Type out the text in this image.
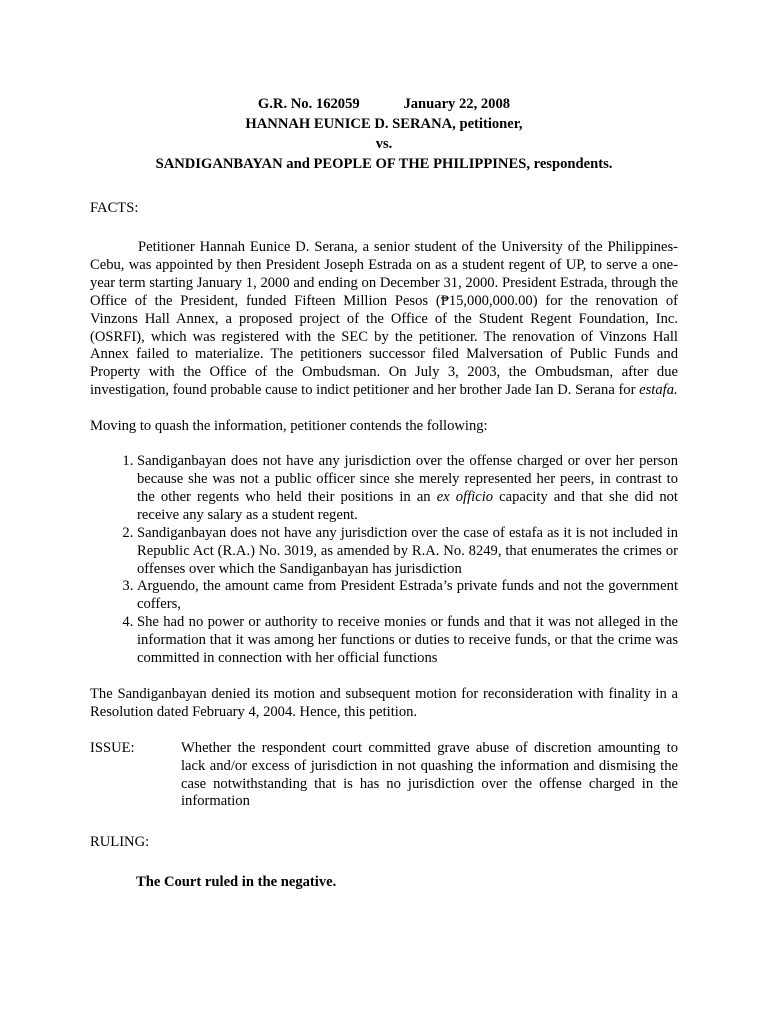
G.R. No. 162059            January 22, 2008
HANNAH EUNICE D. SERANA, petitioner,
vs.
SANDIGANBAYAN and PEOPLE OF THE PHILIPPINES, respondents.
FACTS:

Petitioner Hannah Eunice D. Serana, a senior student of the University of the Philippines-Cebu, was appointed by then President Joseph Estrada on as a student regent of UP, to serve a one-year term starting January 1, 2000 and ending on December 31, 2000. President Estrada, through the Office of the President, funded Fifteen Million Pesos (₱15,000,000.00) for the renovation of Vinzons Hall Annex, a proposed project of the Office of the Student Regent Foundation, Inc. (OSRFI), which was registered with the SEC by the petitioner. The renovation of Vinzons Hall Annex failed to materialize. The petitioners successor filed Malversation of Public Funds and Property with the Office of the Ombudsman. On July 3, 2003, the Ombudsman, after due investigation, found probable cause to indict petitioner and her brother Jade Ian D. Serana for estafa.

Moving to quash the information, petitioner contends the following:

1. Sandiganbayan does not have any jurisdiction over the offense charged or over her person because she was not a public officer since she merely represented her peers, in contrast to the other regents who held their positions in an ex officio capacity and that she did not receive any salary as a student regent.
2. Sandiganbayan does not have any jurisdiction over the case of estafa as it is not included in Republic Act (R.A.) No. 3019, as amended by R.A. No. 8249, that enumerates the crimes or offenses over which the Sandiganbayan has jurisdiction
3. Arguendo, the amount came from President Estrada’s private funds and not the government coffers,
4. She had no power or authority to receive monies or funds and that it was not alleged in the information that it was among her functions or duties to receive funds, or that the crime was committed in connection with her official functions

The Sandiganbayan denied its motion and subsequent motion for reconsideration with finality in a Resolution dated February 4, 2004. Hence, this petition.

ISSUE:	Whether the respondent court committed grave abuse of discretion amounting to lack and/or excess of jurisdiction in not quashing the information and dismising the case notwithstanding that is has no jurisdiction over the offense charged in the information
RULING:
The Court ruled in the negative.
